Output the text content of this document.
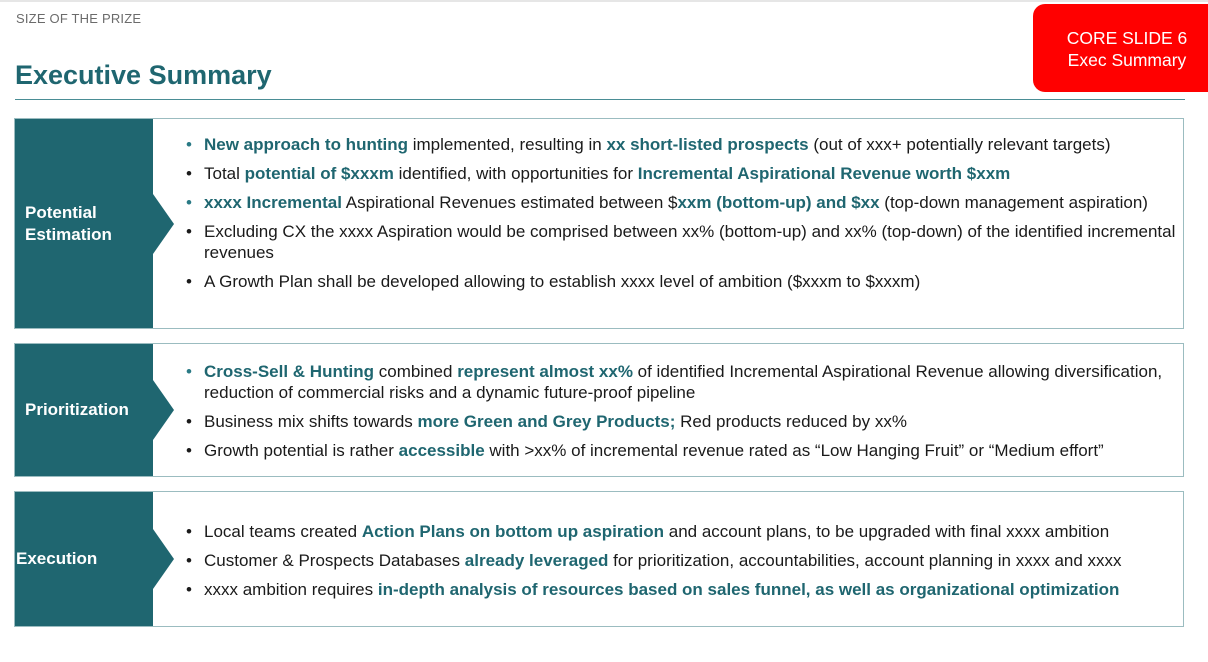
SIZE OF THE PRIZE
Executive Summary
CORE SLIDE 6
Exec Summary
Potential Estimation
• New approach to hunting implemented, resulting in xx short-listed prospects (out of xxx+ potentially relevant targets)
• Total potential of $xxxm identified, with opportunities for Incremental Aspirational Revenue worth $xxm
• xxxx Incremental Aspirational Revenues estimated between $xxm (bottom-up) and $xx (top-down management aspiration)
• Excluding CX the xxxx Aspiration would be comprised between xx% (bottom-up) and xx% (top-down) of the identified incremental revenues
• A Growth Plan shall be developed allowing to establish xxxx level of ambition ($xxxm to $xxxm)
Prioritization
• Cross-Sell & Hunting combined represent almost xx% of identified Incremental Aspirational Revenue allowing diversification, reduction of commercial risks and a dynamic future-proof pipeline
• Business mix shifts towards more Green and Grey Products; Red products reduced by xx%
• Growth potential is rather accessible with >xx% of incremental revenue rated as “Low Hanging Fruit” or “Medium effort”
Execution
• Local teams created Action Plans on bottom up aspiration and account plans, to be upgraded with final xxxx ambition
• Customer & Prospects Databases already leveraged for prioritization, accountabilities, account planning in xxxx and xxxx
• xxxx ambition requires in-depth analysis of resources based on sales funnel, as well as organizational optimization
